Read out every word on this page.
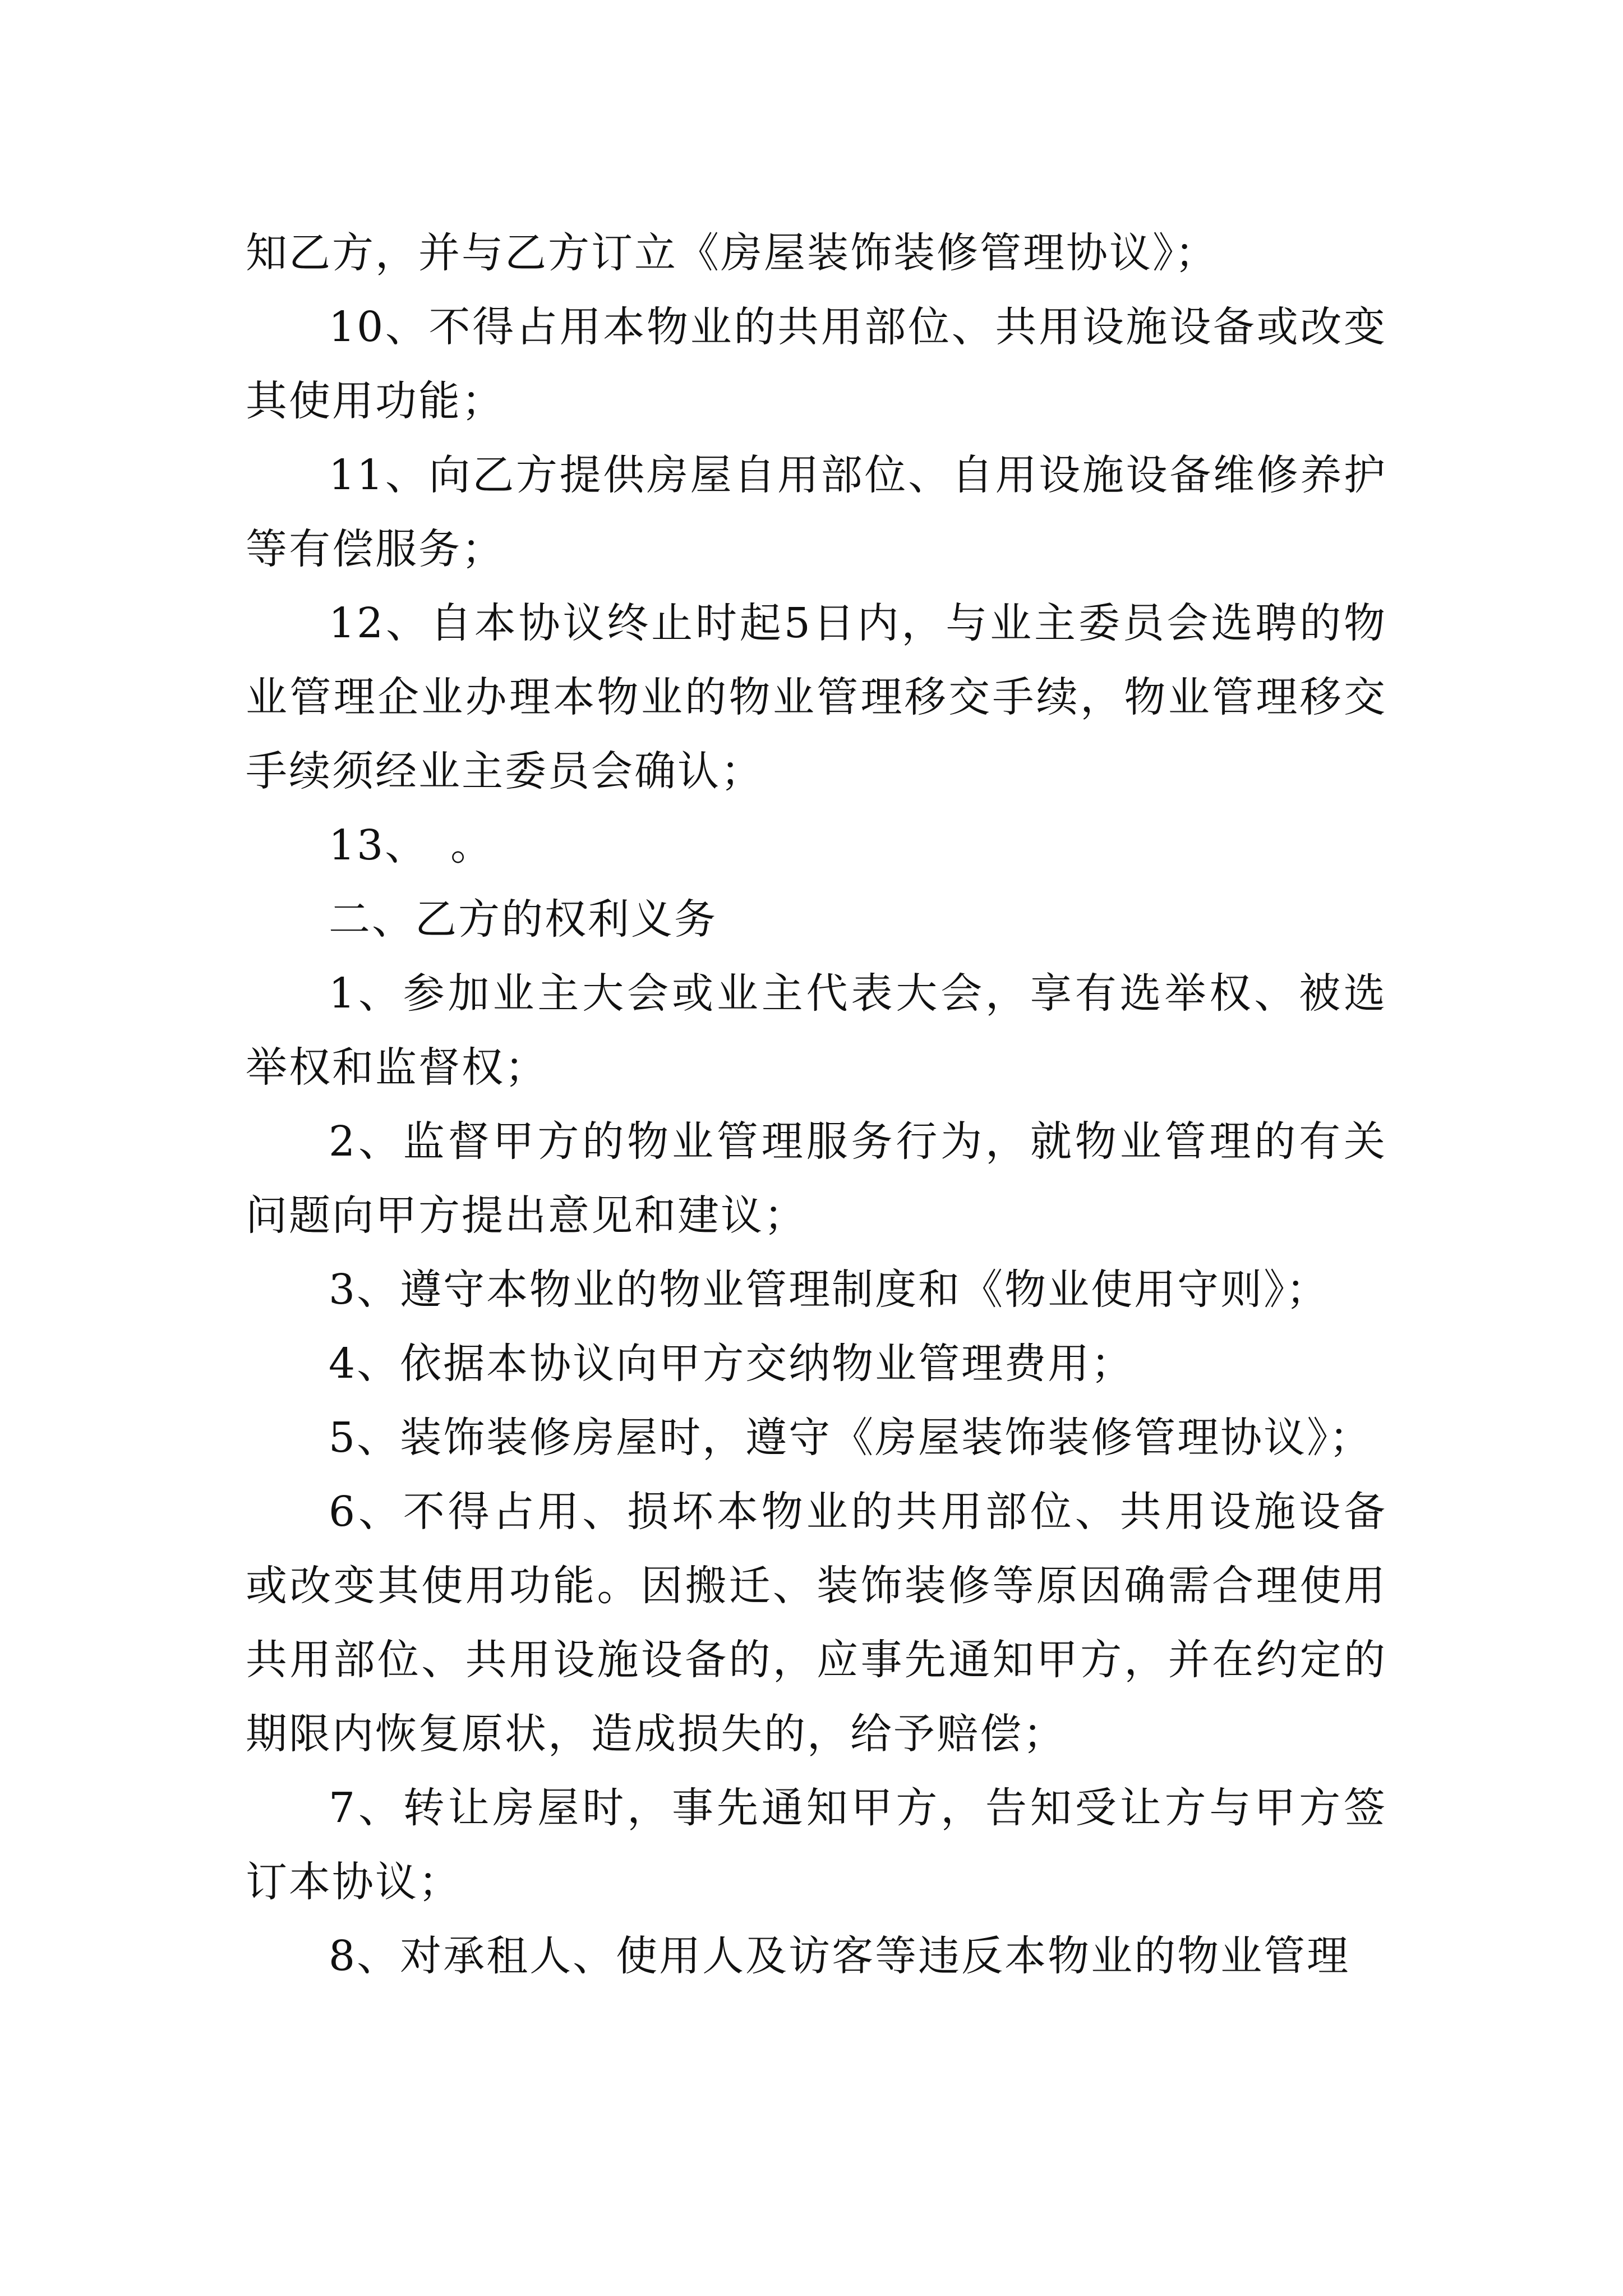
知乙方，并与乙方订立《房屋装饰装修管理协议》；

10、不得占用本物业的共用部位、共用设施设备或改变其使用功能；

11、向乙方提供房屋自用部位、自用设施设备维修养护等有偿服务；

12、自本协议终止时起5日内，与业主委员会选聘的物业管理企业办理本物业的物业管理移交手续，物业管理移交手续须经业主委员会确认；

13、　。

二、乙方的权利义务

1、参加业主大会或业主代表大会，享有选举权、被选举权和监督权；

2、监督甲方的物业管理服务行为，就物业管理的有关问题向甲方提出意见和建议；

3、遵守本物业的物业管理制度和《物业使用守则》；

4、依据本协议向甲方交纳物业管理费用；

5、装饰装修房屋时，遵守《房屋装饰装修管理协议》；

6、不得占用、损坏本物业的共用部位、共用设施设备或改变其使用功能。因搬迁、装饰装修等原因确需合理使用共用部位、共用设施设备的，应事先通知甲方，并在约定的期限内恢复原状，造成损失的，给予赔偿；

7、转让房屋时，事先通知甲方，告知受让方与甲方签订本协议；

8、对承租人、使用人及访客等违反本物业的物业管理
